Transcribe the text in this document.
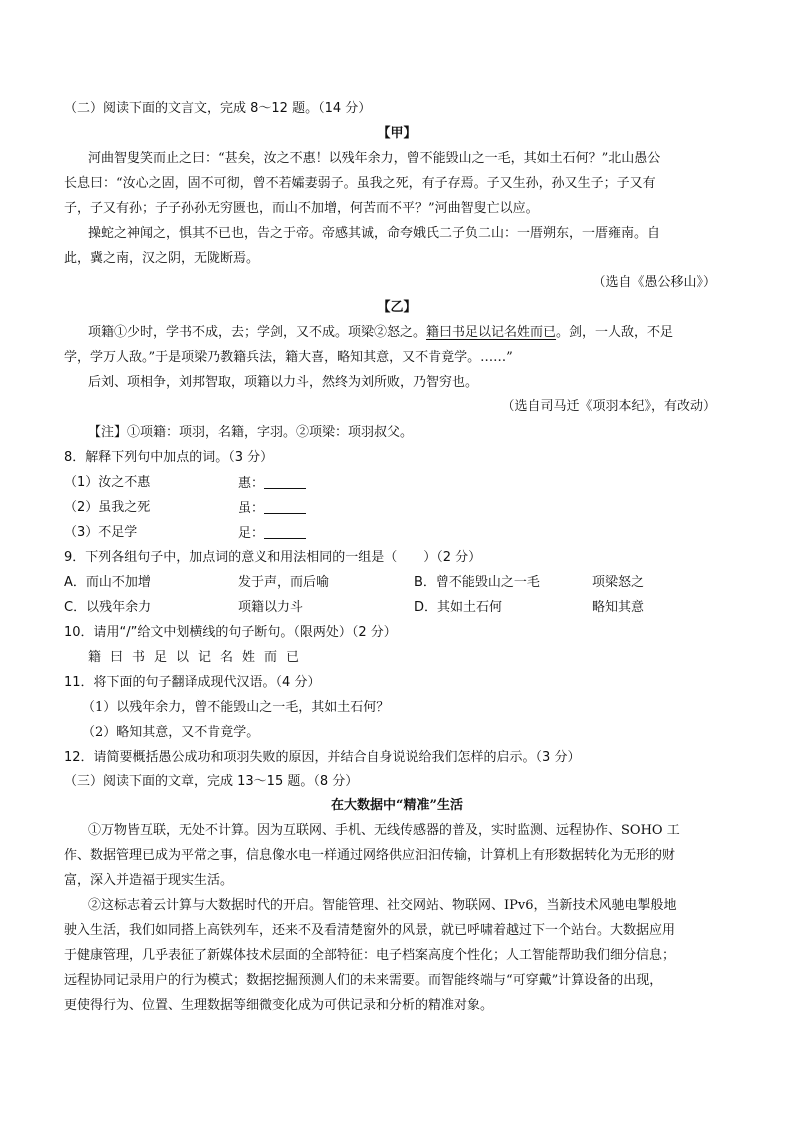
（二）阅读下面的文言文，完成 8～12 题。（14 分）
【甲】
河曲智叟笑而止之曰：“甚矣，汝之不惠！以残年余力，曾不能毁山之一毛，其如土石何？”北山愚公
长息曰：“汝心之固，固不可彻，曾不若孀妻弱子。虽我之死，有子存焉。子又生孙，孙又生子；子又有
子，子又有孙；子子孙孙无穷匮也，而山不加增，何苦而不平？”河曲智叟亡以应。
操蛇之神闻之，惧其不已也，告之于帝。帝感其诚，命夸娥氏二子负二山：一厝朔东，一厝雍南。自
此，冀之南，汉之阴，无陇断焉。
（选自《愚公移山》）
【乙】
项籍①少时，学书不成，去；学剑，又不成。项梁②怒之。籍曰书足以记名姓而已。剑，一人敌，不足
学，学万人敌。”于是项梁乃教籍兵法，籍大喜，略知其意，又不肯竟学。……”
后刘、项相争，刘邦智取，项籍以力斗，然终为刘所败，乃智穷也。
（选自司马迁《项羽本纪》，有改动）
【注】①项籍：项羽，名籍，字羽。②项梁：项羽叔父。
8．解释下列句中加点的词。（3 分）
（1）汝之不惠	惠：
（2）虽我之死	虽：
（3）不足学	足：
9．下列各组句子中，加点词的意义和用法相同的一组是（　　）（2 分）
A．而山不加增	发于声，而后喻	B．曾不能毁山之一毛	项梁怒之
C．以残年余力	项籍以力斗	D．其如土石何	略知其意
10．请用“/”给文中划横线的句子断句。（限两处）（2 分）
籍曰书足以记名姓而已
11．将下面的句子翻译成现代汉语。（4 分）
（1）以残年余力，曾不能毁山之一毛，其如土石何？
（2）略知其意，又不肯竟学。
12．请简要概括愚公成功和项羽失败的原因，并结合自身说说给我们怎样的启示。（3 分）
（三）阅读下面的文章，完成 13～15 题。（8 分）
在大数据中“精准”生活
①万物皆互联，无处不计算。因为互联网、手机、无线传感器的普及，实时监测、远程协作、SOHO 工
作、数据管理已成为平常之事，信息像水电一样通过网络供应汩汩传输，计算机上有形数据转化为无形的财
富，深入并造福于现实生活。
②这标志着云计算与大数据时代的开启。智能管理、社交网站、物联网、IPv6，当新技术风驰电掣般地
驶入生活，我们如同搭上高铁列车，还来不及看清楚窗外的风景，就已呼啸着越过下一个站台。大数据应用
于健康管理，几乎表征了新媒体技术层面的全部特征：电子档案高度个性化；人工智能帮助我们细分信息；
远程协同记录用户的行为模式；数据挖掘预测人们的未来需要。而智能终端与“可穿戴”计算设备的出现，
更使得行为、位置、生理数据等细微变化成为可供记录和分析的精准对象。
